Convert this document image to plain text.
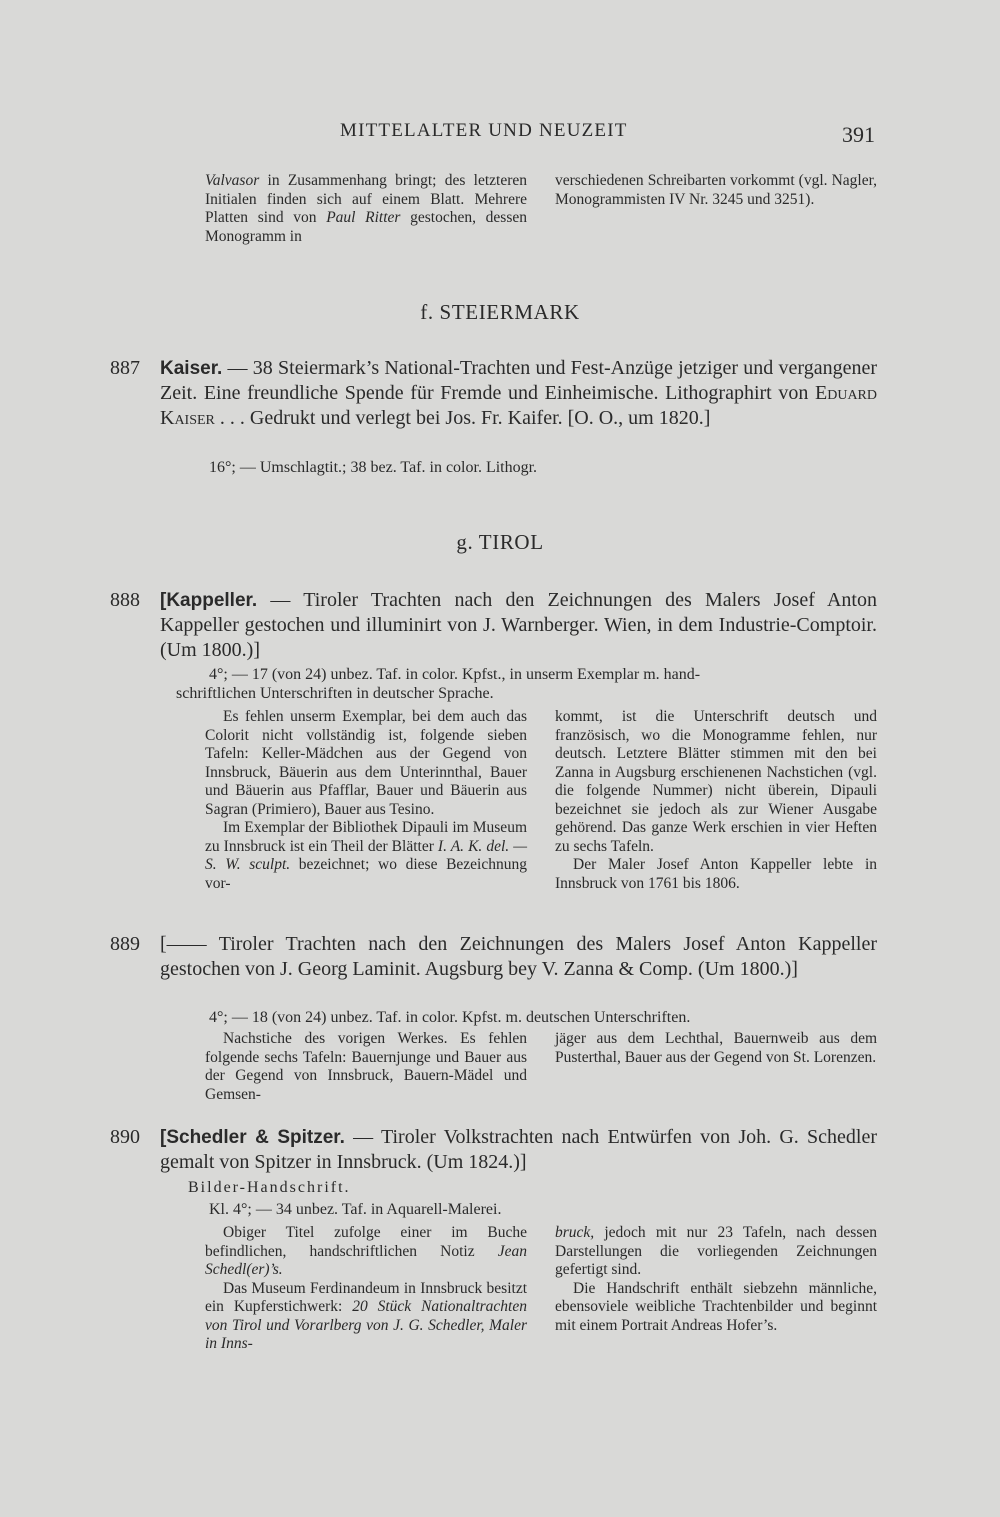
MITTELALTER UND NEUZEIT	391

Valvasor in Zusammenhang bringt; des letzteren Initialen finden sich auf einem Blatt. Mehrere Platten sind von Paul Ritter gestochen, dessen Monogramm in

verschiedenen Schreibarten vorkommt (vgl. Nagler, Monogrammisten IV Nr. 3245 und 3251).

f. STEIERMARK
887	Kaiser. — 38 Steiermark’s National-Trachten und Fest-Anzüge jetziger und vergangener Zeit. Eine freundliche Spende für Fremde und Einheimische. Lithographirt von Eduard Kaiser . . . Gedrukt und verlegt bei Jos. Fr. Kaifer. [O. O., um 1820.]
16°; — Umschlagtit.; 38 bez. Taf. in color. Lithogr.
g. TIROL
888	[Kappeller. — Tiroler Trachten nach den Zeichnungen des Malers Josef Anton Kappeller gestochen und illuminirt von J. Warnberger. Wien, in dem Industrie-Comptoir. (Um 1800.)]
4°; — 17 (von 24) unbez. Taf. in color. Kpfst., in unserm Exemplar m. hand-
schriftlichen Unterschriften in deutscher Sprache.

Es fehlen unserm Exemplar, bei dem auch das Colorit nicht vollständig ist, folgende sieben Tafeln: Keller-Mädchen aus der Gegend von Innsbruck, Bäuerin aus dem Unterinnthal, Bauer und Bäuerin aus Pfafflar, Bauer und Bäuerin aus Sagran (Primiero), Bauer aus Tesino.

Im Exemplar der Bibliothek Dipauli im Museum zu Innsbruck ist ein Theil der Blätter I. A. K. del. — S. W. sculpt. bezeichnet; wo diese Bezeichnung vor-

kommt, ist die Unterschrift deutsch und französisch, wo die Monogramme fehlen, nur deutsch. Letztere Blätter stimmen mit den bei Zanna in Augsburg erschienenen Nachstichen (vgl. die folgende Nummer) nicht überein, Dipauli bezeichnet sie jedoch als zur Wiener Ausgabe gehörend. Das ganze Werk erschien in vier Heften zu sechs Tafeln.

Der Maler Josef Anton Kappeller lebte in Innsbruck von 1761 bis 1806.

889	[—— Tiroler Trachten nach den Zeichnungen des Malers Josef Anton Kappeller gestochen von J. Georg Laminit. Augsburg bey V. Zanna & Comp. (Um 1800.)]
4°; — 18 (von 24) unbez. Taf. in color. Kpfst. m. deutschen Unterschriften.

Nachstiche des vorigen Werkes. Es fehlen folgende sechs Tafeln: Bauernjunge und Bauer aus der Gegend von Innsbruck, Bauern-Mädel und Gemsen-

jäger aus dem Lechthal, Bauernweib aus dem Pusterthal, Bauer aus der Gegend von St. Lorenzen.

890	[Schedler & Spitzer. — Tiroler Volkstrachten nach Entwürfen von Joh. G. Schedler gemalt von Spitzer in Innsbruck. (Um 1824.)]
Bilder-Handschrift.
Kl. 4°; — 34 unbez. Taf. in Aquarell-Malerei.

Obiger Titel zufolge einer im Buche befindlichen, handschriftlichen Notiz Jean Schedl(er)’s.

Das Museum Ferdinandeum in Innsbruck besitzt ein Kupferstichwerk: 20 Stück Nationaltrachten von Tirol und Vorarlberg von J. G. Schedler, Maler in Inns-

bruck, jedoch mit nur 23 Tafeln, nach dessen Darstellungen die vorliegenden Zeichnungen gefertigt sind.

Die Handschrift enthält siebzehn männliche, ebensoviele weibliche Trachtenbilder und beginnt mit einem Portrait Andreas Hofer’s.
